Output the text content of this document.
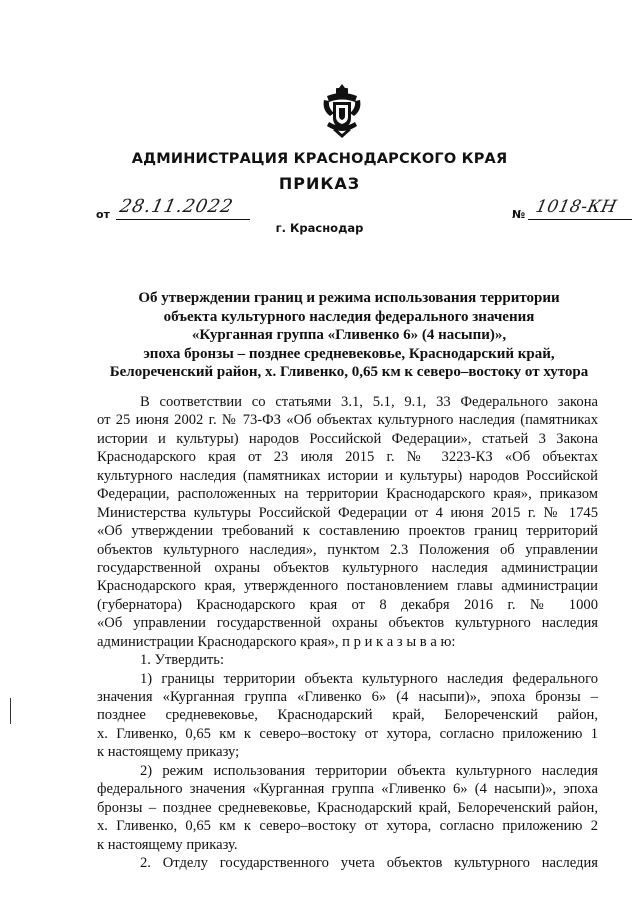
АДМИНИСТРАЦИЯ КРАСНОДАРСКОГО КРАЯ
ПРИКАЗ
от 28.11.2022	№ 1018-КН
г. Краснодар
Об утверждении границ и режима использования территории
объекта культурного наследия федерального значения
«Курганная группа «Гливенко 6» (4 насыпи)»,
эпоха бронзы – позднее средневековье, Краснодарский край,
Белореченский район, х. Гливенко, 0,65 км к северо–востоку от хутора
В соответствии со статьями 3.1, 5.1, 9.1, 33 Федерального закона
от 25 июня 2002 г. № 73-ФЗ «Об объектах культурного наследия (памятниках
истории и культуры) народов Российской Федерации», статьей 3 Закона
Краснодарского края от 23 июля 2015 г. № 3223-КЗ «Об объектах
культурного наследия (памятниках истории и культуры) народов Российской
Федерации, расположенных на территории Краснодарского края», приказом
Министерства культуры Российской Федерации от 4 июня 2015 г. № 1745
«Об утверждении требований к составлению проектов границ территорий
объектов культурного наследия», пунктом 2.3 Положения об управлении
государственной охраны объектов культурного наследия администрации
Краснодарского края, утвержденного постановлением главы администрации
(губернатора) Краснодарского края от 8 декабря 2016 г. № 1000
«Об управлении государственной охраны объектов культурного наследия
администрации Краснодарского края», п р и к а з ы в а ю:
1. Утвердить:
1) границы территории объекта культурного наследия федерального
значения «Курганная группа «Гливенко 6» (4 насыпи)», эпоха бронзы –
позднее средневековье, Краснодарский край, Белореченский район,
х. Гливенко, 0,65 км к северо–востоку от хутора, согласно приложению 1
к настоящему приказу;
2) режим использования территории объекта культурного наследия
федерального значения «Курганная группа «Гливенко 6» (4 насыпи)», эпоха
бронзы – позднее средневековье, Краснодарский край, Белореченский район,
х. Гливенко, 0,65 км к северо–востоку от хутора, согласно приложению 2
к настоящему приказу.
2. Отделу государственного учета объектов культурного наследия
